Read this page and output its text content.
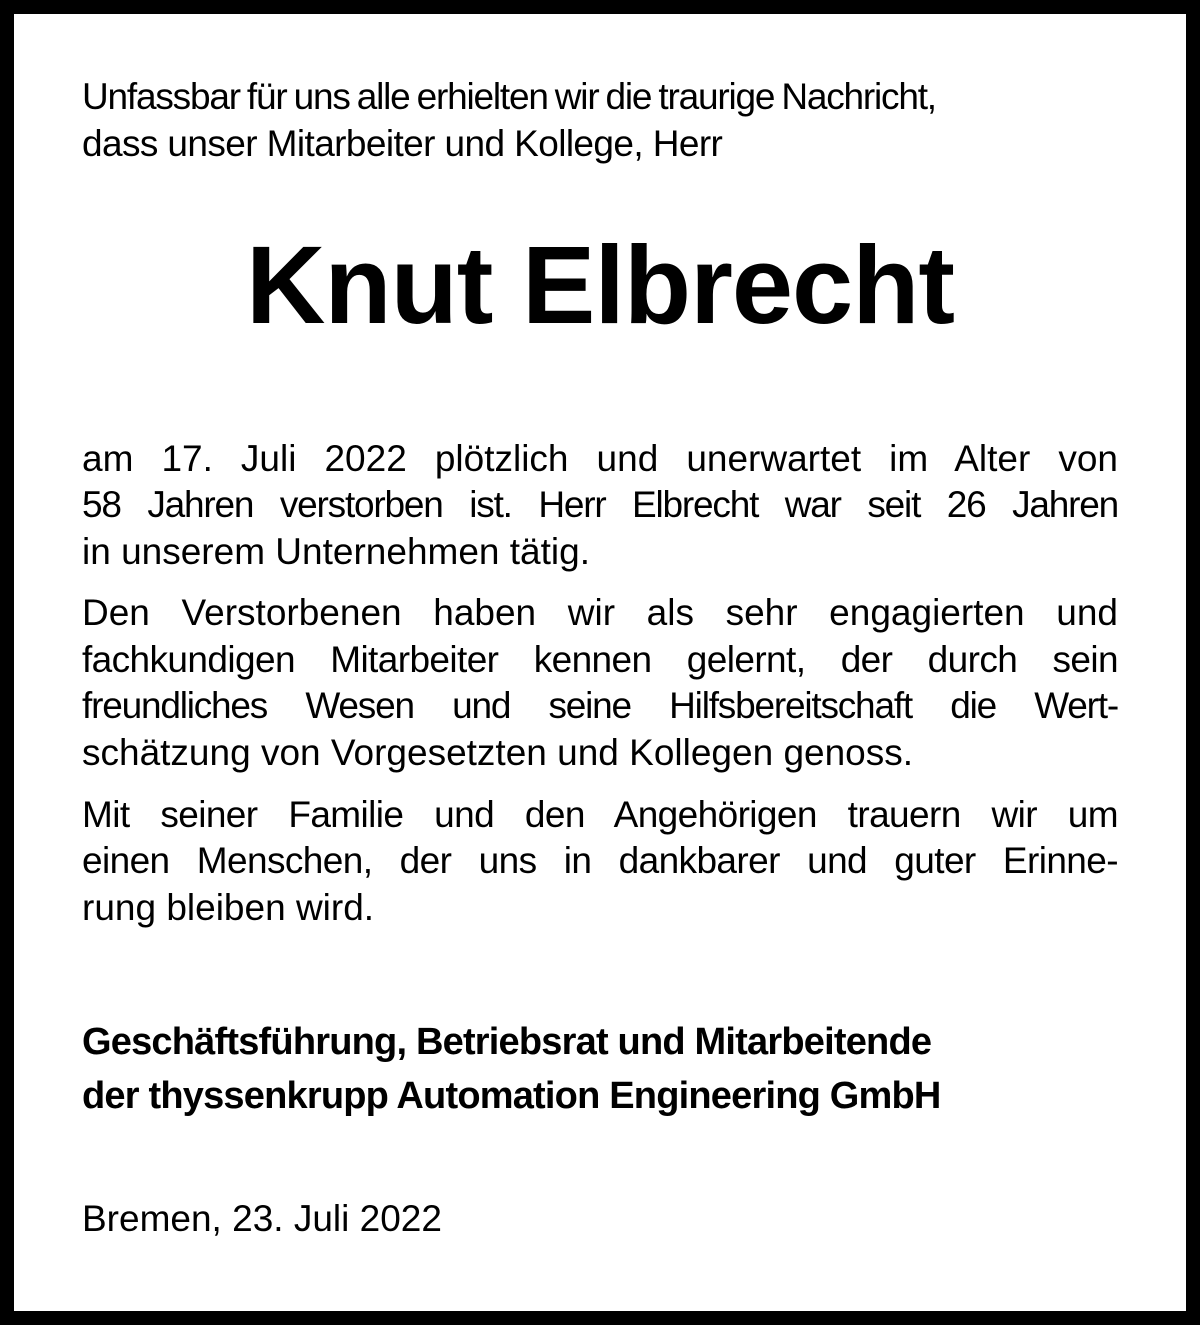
Unfassbar für uns alle erhielten wir die traurige Nachricht,
dass unser Mitarbeiter und Kollege, Herr
Knut Elbrecht
am 17. Juli 2022 plötzlich und unerwartet im Alter von
58 Jahren verstorben ist. Herr Elbrecht war seit 26 Jahren
in unserem Unternehmen tätig.
Den Verstorbenen haben wir als sehr engagierten und
fachkundigen Mitarbeiter kennen gelernt, der durch sein
freundliches Wesen und seine Hilfsbereitschaft die Wert-
schätzung von Vorgesetzten und Kollegen genoss.
Mit seiner Familie und den Angehörigen trauern wir um
einen Menschen, der uns in dankbarer und guter Erinne-
rung bleiben wird.
Geschäftsführung, Betriebsrat und Mitarbeitende
der thyssenkrupp Automation Engineering GmbH
Bremen, 23. Juli 2022
